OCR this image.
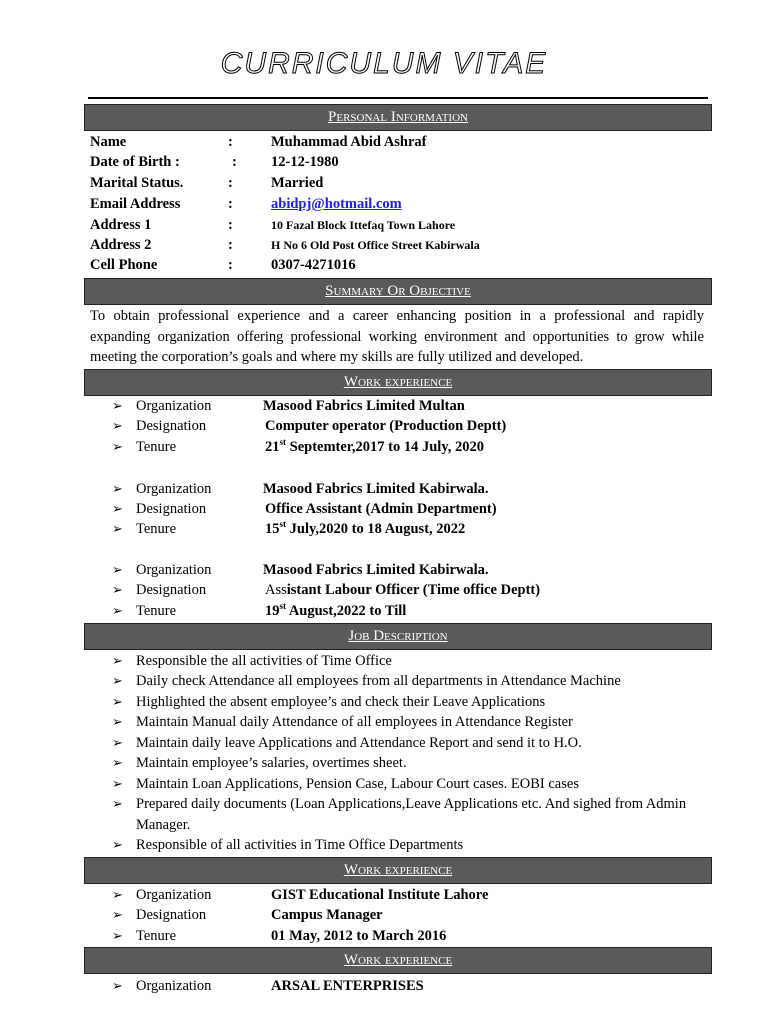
CURRICULUM VITAE
Personal Information
Name	:	Muhammad Abid Ashraf
Date of Birth :	: 12-12-1980
Marital Status.	:	Married
Email Address	:	abidpj@hotmail.com
Address 1	:	10 Fazal Block Ittefaq Town Lahore
Address 2	:	H No 6 Old Post Office Street Kabirwala
Cell Phone	:	0307-4271016
Summary Or Objective
To obtain professional experience and a career enhancing position in a professional and rapidly expanding organization offering professional working environment and opportunities to grow while meeting the corporation’s goals and where my skills are fully utilized and developed.
Work experience
➢ Organization	Masood Fabrics Limited Multan
➢ Designation	Computer operator (Production Deptt)
➢ Tenure	21st Septemter,2017 to 14 July, 2020
➢ Organization	Masood Fabrics Limited Kabirwala.
➢ Designation	Office Assistant (Admin Department)
➢ Tenure	15st July,2020 to 18 August, 2022
➢ Organization	Masood Fabrics Limited Kabirwala.
➢ Designation	Assistant Labour Officer (Time office Deptt)
➢ Tenure	19st August,2022 to Till
Job Description
➢ Responsible the all activities of Time Office
➢ Daily check Attendance all employees from all departments in Attendance Machine
➢ Highlighted the absent employee’s and check their Leave Applications
➢ Maintain Manual daily Attendance of all employees in Attendance Register
➢ Maintain daily leave Applications and Attendance Report and send it to H.O.
➢ Maintain employee’s salaries, overtimes sheet.
➢ Maintain Loan Applications, Pension Case, Labour Court cases. EOBI cases
➢ Prepared daily documents (Loan Applications,Leave Applications etc. And sighed from Admin Manager.
➢ Responsible of all activities in Time Office Departments
Work experience
➢ Organization	GIST Educational Institute Lahore
➢ Designation	Campus Manager
➢ Tenure	01 May, 2012 to March 2016
Work experience
➢ Organization	ARSAL ENTERPRISES
